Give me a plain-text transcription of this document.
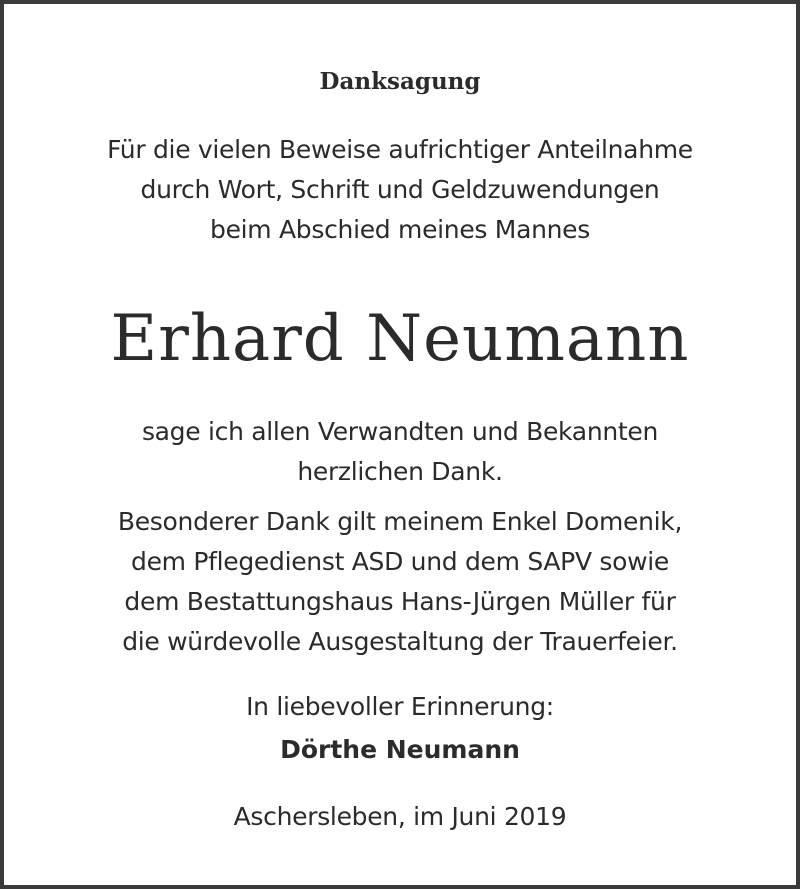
Danksagung
Für die vielen Beweise aufrichtiger Anteilnahme
durch Wort, Schrift und Geldzuwendungen
beim Abschied meines Mannes
Erhard Neumann
sage ich allen Verwandten und Bekannten
herzlichen Dank.
Besonderer Dank gilt meinem Enkel Domenik,
dem Pflegedienst ASD und dem SAPV sowie
dem Bestattungshaus Hans-Jürgen Müller für
die würdevolle Ausgestaltung der Trauerfeier.
In liebevoller Erinnerung:
Dörthe Neumann
Aschersleben, im Juni 2019
